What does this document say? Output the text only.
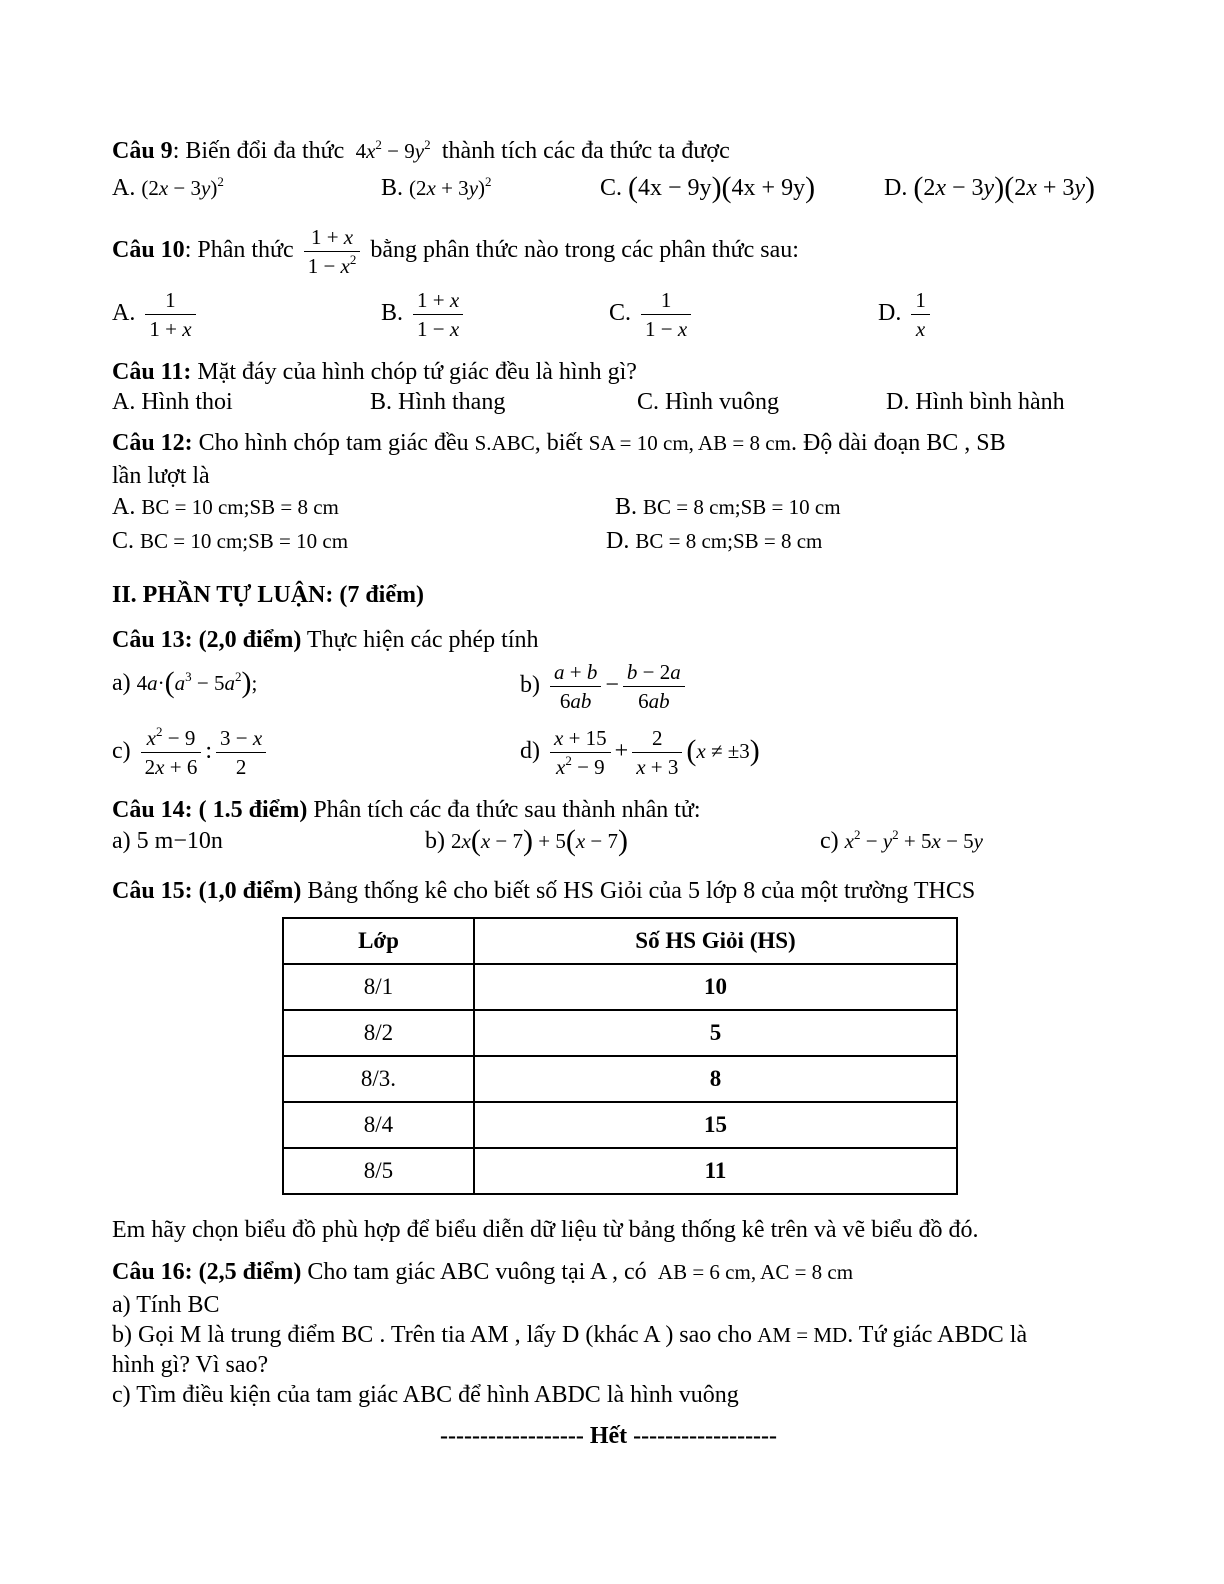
Câu 9: Biến đổi đa thức  $4x^2 - 9y^2$ thành tích các đa thức ta được
A. $(2x - 3y)^2$	B. $(2x + 3y)^2$	C. (4x − 9y)(4x + 9y)	D. (2x − 3y)(2x + 3y)
Câu 10: Phân thức $\frac{1 + x}{1 - x^2}$ bằng phân thức nào trong các phân thức sau:
A. $\frac{1}{1 + x}$	B. $\frac{1 + x}{1 - x}$	C. $\frac{1}{1 - x}$	D. $\frac{1}{x}$
Câu 11: Mặt đáy của hình chóp tứ giác đều là hình gì?
A. Hình thoi	B. Hình thang	C. Hình vuông	D. Hình bình hành
Câu 12: Cho hình chóp tam giác đều S.ABC, biết SA = 10 cm, AB = 8 cm. Độ dài đoạn BC , SB
lần lượt là
A. BC = 10 cm;SB = 8 cm	B. BC = 8 cm;SB = 10 cm
C. BC = 10 cm;SB = 10 cm	D. BC = 8 cm;SB = 8 cm
II. PHẦN TỰ LUẬN: (7 điểm)
Câu 13: (2,0 điểm) Thực hiện các phép tính
a) $4a\cdot(a^3 - 5a^2)$;	$b) \frac{a + b}{6ab} - \frac{b - 2a}{6ab}$
$c) \frac{x^2 - 9}{2x + 6}$ : $\frac{3 - x}{2}$	$d) \frac{x + 15}{x^2 - 9} + \frac{2}{x + 3} (x \ne \pm 3)$
Câu 14: ( 1.5 điểm) Phân tích các đa thức sau thành nhân tử:
a) 5 m−10n	b) 2x(x − 7) + 5(x − 7)	c) $x^2 - y^2 + 5x - 5y$
Câu 15: (1,0 điểm) Bảng thống kê cho biết số HS Giỏi của 5 lớp 8 của một trường THCS
Lớp	Số HS Giỏi (HS)
8/1	10
8/2	5
8/3.	8
8/4	15
8/5	11
Em hãy chọn biểu đồ phù hợp để biểu diễn dữ liệu từ bảng thống kê trên và vẽ biểu đồ đó.
Câu 16: (2,5 điểm) Cho tam giác ABC vuông tại A , có  AB = 6 cm, AC = 8 cm
a) Tính BC
b) Gọi M là trung điểm BC . Trên tia AM , lấy D (khác A ) sao cho AM = MD. Tứ giác ABDC là
hình gì? Vì sao?
c) Tìm điều kiện của tam giác ABC để hình ABDC là hình vuông
------------------ Hết ------------------
